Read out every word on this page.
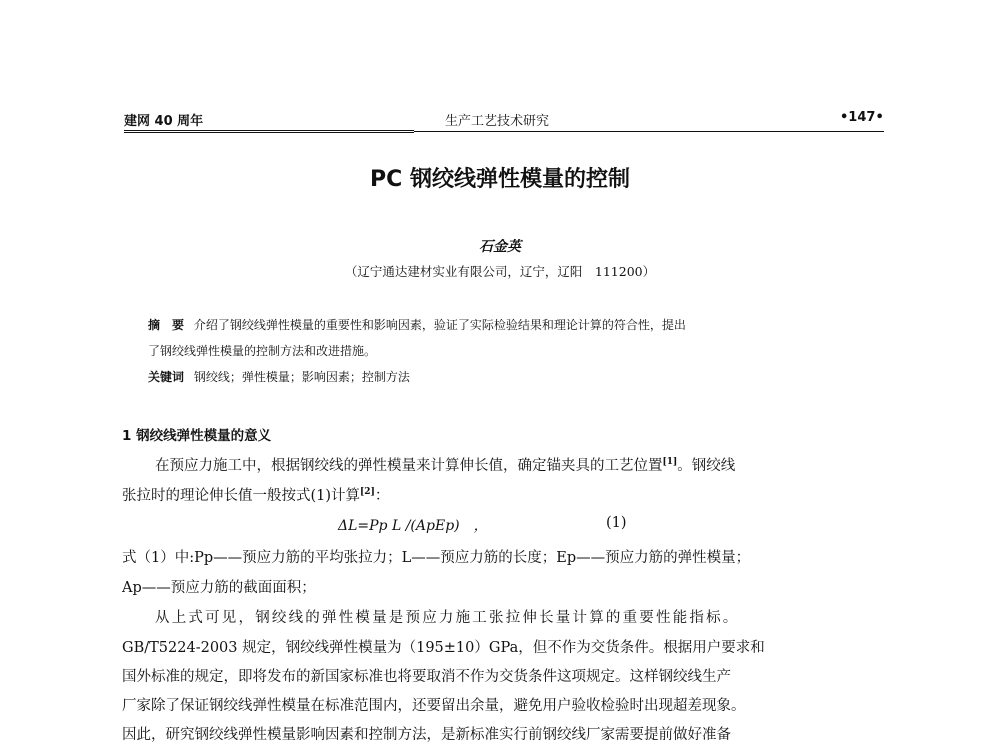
建网 40 周年	生产工艺技术研究	•147•
PC 钢绞线弹性模量的控制
石金英
（辽宁通达建材实业有限公司，辽宁，辽阳　111200）
摘　要 介绍了钢绞线弹性模量的重要性和影响因素，验证了实际检验结果和理论计算的符合性，提出
了钢绞线弹性模量的控制方法和改进措施。
关键词 钢绞线；弹性模量；影响因素；控制方法
1 钢绞线弹性模量的意义
在预应力施工中，根据钢绞线的弹性模量来计算伸长值，确定锚夹具的工艺位置[1]。钢绞线
张拉时的理论伸长值一般按式(1)计算[2]：
ΔL=Pp L /(ApEp)　，	(1)
式（1）中:Pp——预应力筋的平均张拉力；L——预应力筋的长度；Ep——预应力筋的弹性模量；
Ap——预应力筋的截面面积；
从上式可见，钢绞线的弹性模量是预应力施工张拉伸长量计算的重要性能指标。
GB/T5224-2003 规定，钢绞线弹性模量为（195±10）GPa，但不作为交货条件。根据用户要求和
国外标准的规定，即将发布的新国家标准也将要取消不作为交货条件这项规定。这样钢绞线生产
厂家除了保证钢绞线弹性模量在标准范围内，还要留出余量，避免用户验收检验时出现超差现象。
因此，研究钢绞线弹性模量影响因素和控制方法，是新标准实行前钢绞线厂家需要提前做好准备
